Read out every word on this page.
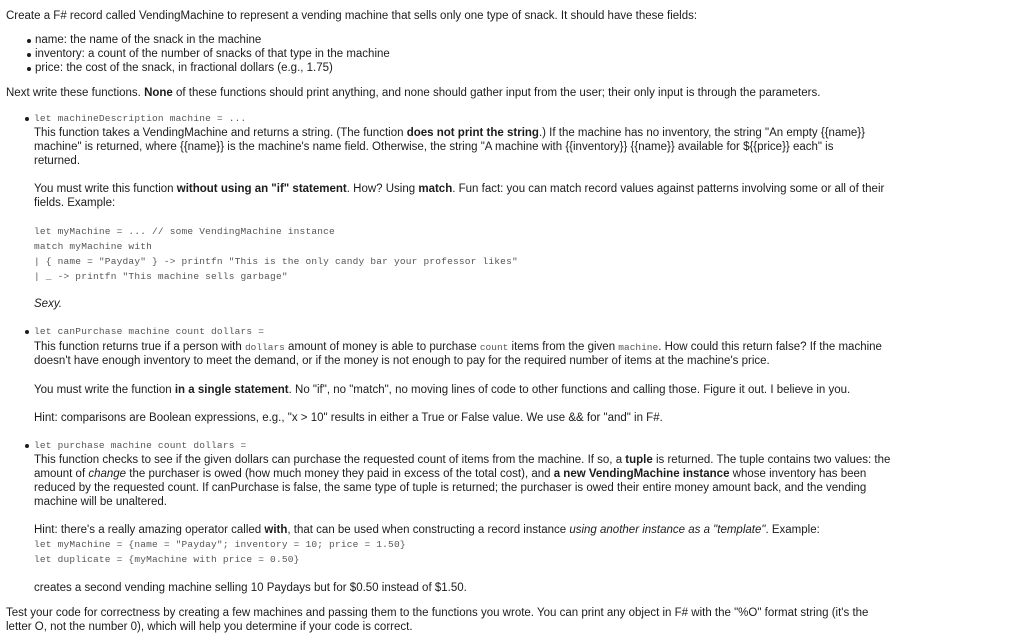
Create a F# record called VendingMachine to represent a vending machine that sells only one type of snack. It should have these fields:
name: the name of the snack in the machine
inventory: a count of the number of snacks of that type in the machine
price: the cost of the snack, in fractional dollars (e.g., 1.75)
Next write these functions. None of these functions should print anything, and none should gather input from the user; their only input is through the parameters.
let machineDescription machine = ...
This function takes a VendingMachine and returns a string. (The function does not print the string.) If the machine has no inventory, the string "An empty {{name}}
machine" is returned, where {{name}} is the machine's name field. Otherwise, the string "A machine with {{inventory}} {{name}} available for ${{price}} each" is
returned.
You must write this function without using an "if" statement. How? Using match. Fun fact: you can match record values against patterns involving some or all of their
fields. Example:
let myMachine = ... // some VendingMachine instance
match myMachine with
| { name = "Payday" } -> printfn "This is the only candy bar your professor likes"
| _ -> printfn "This machine sells garbage"
Sexy.
let canPurchase machine count dollars =
This function returns true if a person with dollars amount of money is able to purchase count items from the given machine. How could this return false? If the machine
doesn't have enough inventory to meet the demand, or if the money is not enough to pay for the required number of items at the machine's price.
You must write the function in a single statement. No "if", no "match", no moving lines of code to other functions and calling those. Figure it out. I believe in you.
Hint: comparisons are Boolean expressions, e.g., "x > 10" results in either a True or False value. We use && for "and" in F#.
let purchase machine count dollars =
This function checks to see if the given dollars can purchase the requested count of items from the machine. If so, a tuple is returned. The tuple contains two values: the
amount of change the purchaser is owed (how much money they paid in excess of the total cost), and a new VendingMachine instance whose inventory has been
reduced by the requested count. If canPurchase is false, the same type of tuple is returned; the purchaser is owed their entire money amount back, and the vending
machine will be unaltered.
Hint: there's a really amazing operator called with, that can be used when constructing a record instance using another instance as a "template". Example:
let myMachine = {name = "Payday"; inventory = 10; price = 1.50}
let duplicate = {myMachine with price = 0.50}
creates a second vending machine selling 10 Paydays but for $0.50 instead of $1.50.
Test your code for correctness by creating a few machines and passing them to the functions you wrote. You can print any object in F# with the "%O" format string (it's the
letter O, not the number 0), which will help you determine if your code is correct.
